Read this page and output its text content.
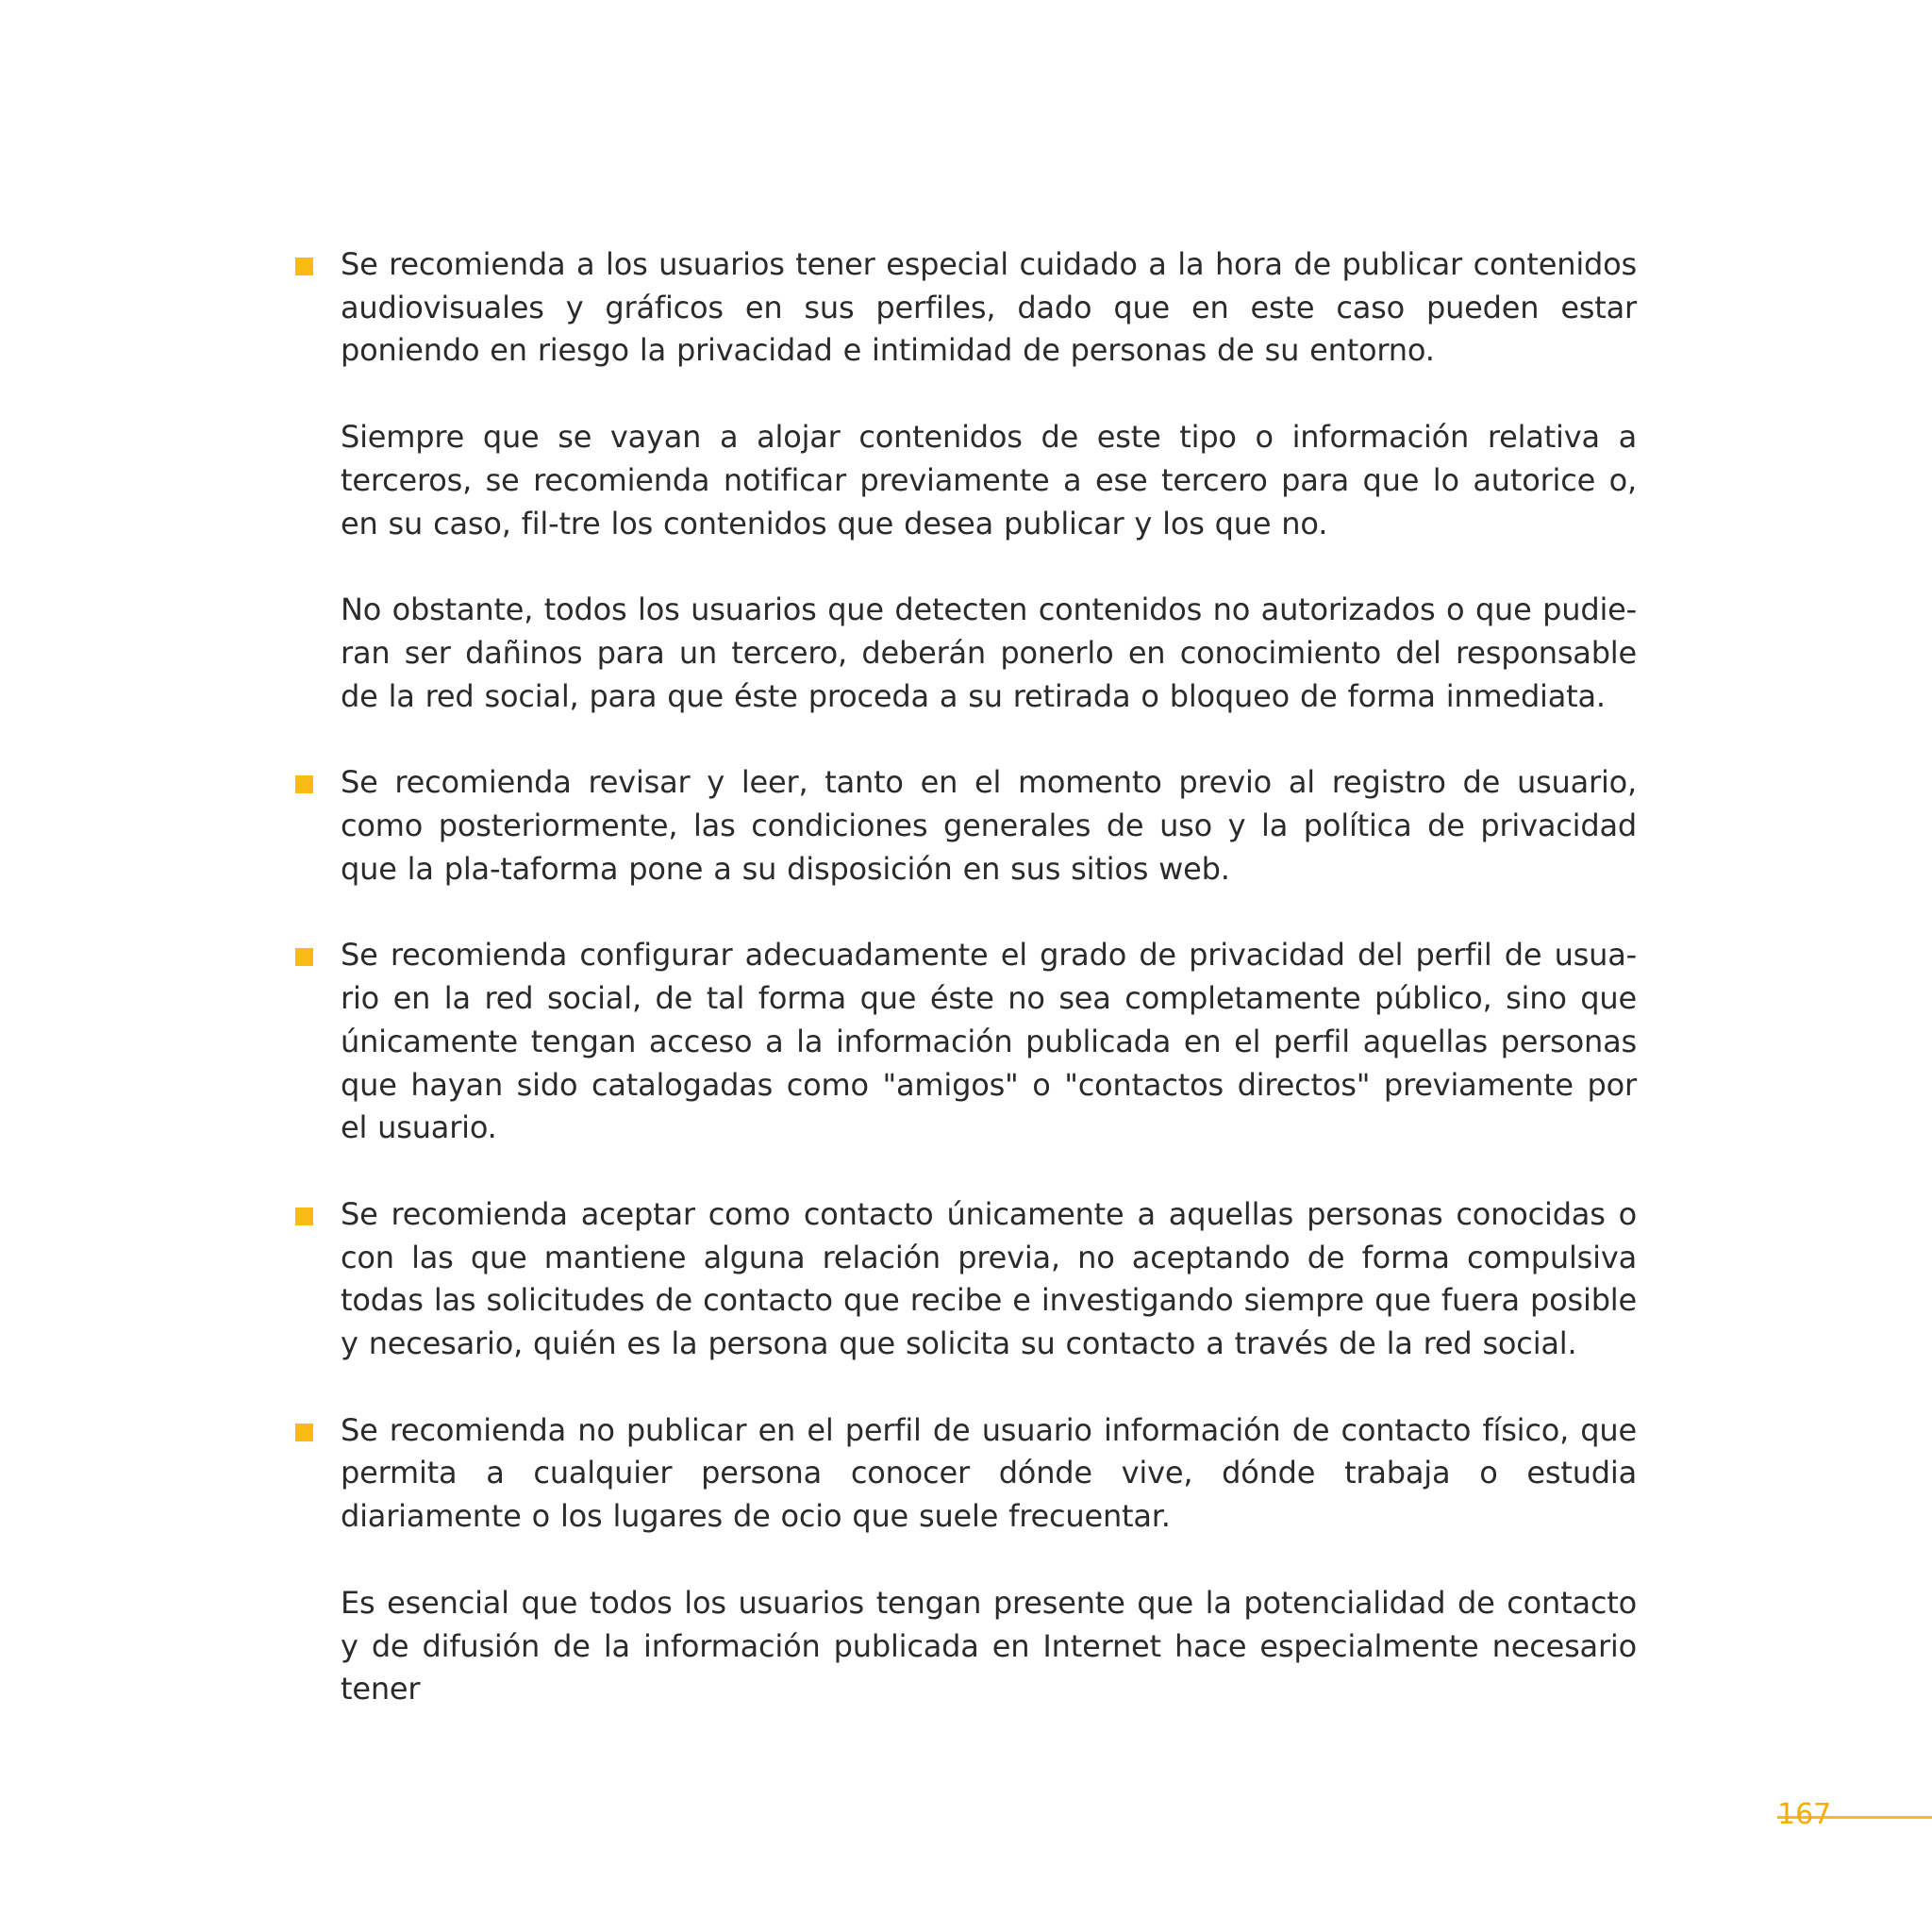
Se recomienda a los usuarios tener especial cuidado a la hora de publicar contenidos audiovisuales y gráficos en sus perfiles, dado que en este caso pueden estar poniendo en riesgo la privacidad e intimidad de personas de su entorno.

Siempre que se vayan a alojar contenidos de este tipo o información relativa a terceros, se recomienda notificar previamente a ese tercero para que lo autorice o, en su caso, fil-tre los contenidos que desea publicar y los que no.

No obstante, todos los usuarios que detecten contenidos no autorizados o que pudie-ran ser dañinos para un tercero, deberán ponerlo en conocimiento del responsable de la red social, para que éste proceda a su retirada o bloqueo de forma inmediata.

Se recomienda revisar y leer, tanto en el momento previo al registro de usuario, como posteriormente, las condiciones generales de uso y la política de privacidad que la pla-taforma pone a su disposición en sus sitios web.

Se recomienda configurar adecuadamente el grado de privacidad del perfil de usua-rio en la red social, de tal forma que éste no sea completamente público, sino que únicamente tengan acceso a la información publicada en el perfil aquellas personas que hayan sido catalogadas como "amigos" o "contactos directos" previamente por el usuario.

Se recomienda aceptar como contacto únicamente a aquellas personas conocidas o con las que mantiene alguna relación previa, no aceptando de forma compulsiva todas las solicitudes de contacto que recibe e investigando siempre que fuera posible y necesario, quién es la persona que solicita su contacto a través de la red social.

Se recomienda no publicar en el perfil de usuario información de contacto físico, que permita a cualquier persona conocer dónde vive, dónde trabaja o estudia diariamente o los lugares de ocio que suele frecuentar.

Es esencial que todos los usuarios tengan presente que la potencialidad de contacto y de difusión de la información publicada en Internet hace especialmente necesario tener

167
